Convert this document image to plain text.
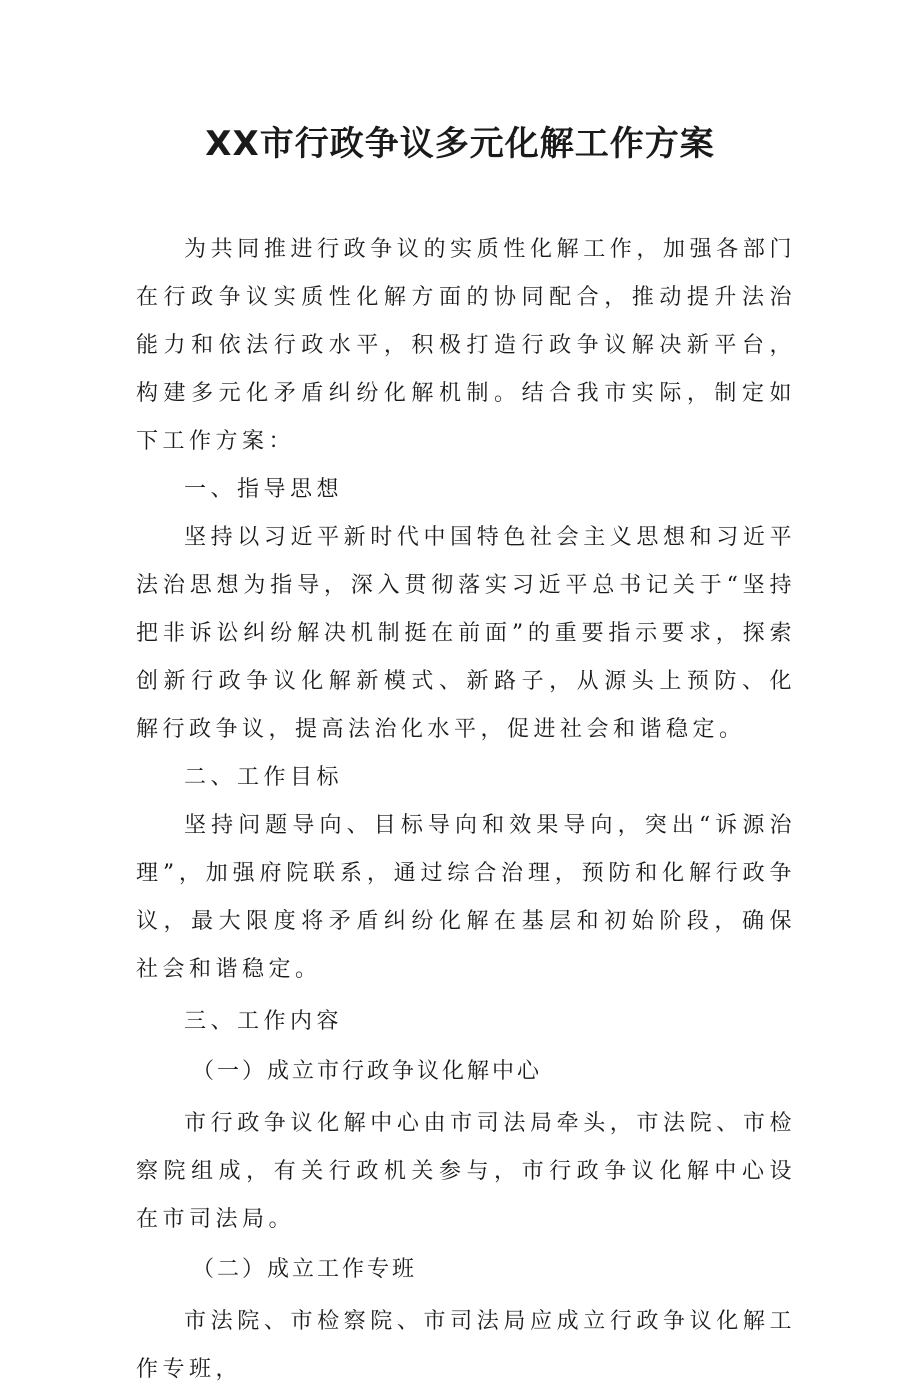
XX市行政争议多元化解工作方案

为共同推进行政争议的实质性化解工作，加强各部门在行政争议实质性化解方面的协同配合，推动提升法治能力和依法行政水平，积极打造行政争议解决新平台，构建多元化矛盾纠纷化解机制。结合我市实际，制定如下工作方案：

一、指导思想

坚持以习近平新时代中国特色社会主义思想和习近平法治思想为指导，深入贯彻落实习近平总书记关于“坚持把非诉讼纠纷解决机制挺在前面”的重要指示要求，探索创新行政争议化解新模式、新路子，从源头上预防、化解行政争议，提高法治化水平，促进社会和谐稳定。

二、工作目标

坚持问题导向、目标导向和效果导向，突出“诉源治理”，加强府院联系，通过综合治理，预防和化解行政争议，最大限度将矛盾纠纷化解在基层和初始阶段，确保社会和谐稳定。

三、工作内容

（一）成立市行政争议化解中心

市行政争议化解中心由市司法局牵头，市法院、市检察院组成，有关行政机关参与，市行政争议化解中心设在市司法局。

（二）成立工作专班

市法院、市检察院、市司法局应成立行政争议化解工作专班，
